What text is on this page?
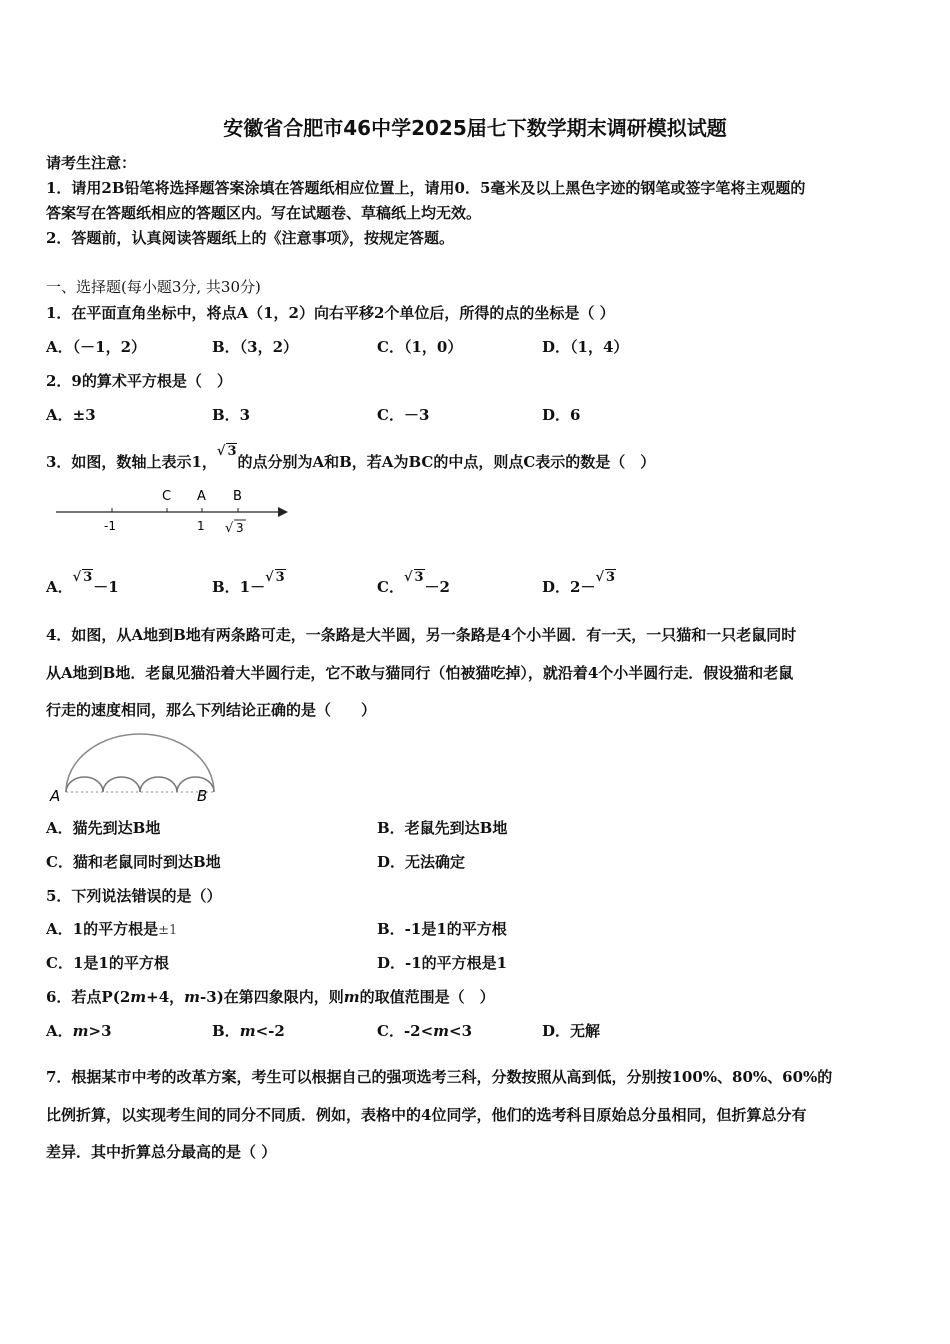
安徽省合肥市46中学2025届七下数学期末调研模拟试题
请考生注意：
1．请用2B铅笔将选择题答案涂填在答题纸相应位置上，请用0．5毫米及以上黑色字迹的钢笔或签字笔将主观题的
答案写在答题纸相应的答题区内。写在试题卷、草稿纸上均无效。
2．答题前，认真阅读答题纸上的《注意事项》，按规定答题。
一、选择题(每小题3分, 共30分)
1．在平面直角坐标中，将点A（1，2）向右平移2个单位后，所得的点的坐标是（ ）
A．（－1，2）	B．（3，2）	C．（1，0）	D．（1，4）
2．9的算术平方根是（　）
A．±3	B．3	C．－3	D．6
3．如图，数轴上表示1，√ 3的点分别为A和B，若A为BC的中点，则点C表示的数是（　）
C A B
-1	1 √ 3
A．√ 3－1	B．1－√ 3
C．√ 3－2	D．2－√ 3
4．如图，从A地到B地有两条路可走，一条路是大半圆，另一条路是4个小半圆．有一天，一只猫和一只老鼠同时
从A地到B地．老鼠见猫沿着大半圆行走，它不敢与猫同行（怕被猫吃掉），就沿着4个小半圆行走．假设猫和老鼠
行走的速度相同，那么下列结论正确的是（　　）
A	B
A．猫先到达B地	B．老鼠先到达B地
C．猫和老鼠同时到达B地	D．无法确定
5．下列说法错误的是（）
A．1的平方根是±1	B．-1是1的平方根
C．1是1的平方根	D．-1的平方根是1
6．若点P(2m+4，m-3)在第四象限内，则m的取值范围是（　）
A．m>3	B．m<-2	C．-2<m<3	D．无解
7．根据某市中考的改革方案，考生可以根据自己的强项选考三科，分数按照从高到低，分别按100%、80%、60%的
比例折算，以实现考生间的同分不同质．例如，表格中的4位同学，他们的选考科目原始总分虽相同，但折算总分有
差异．其中折算总分最高的是（ ）
